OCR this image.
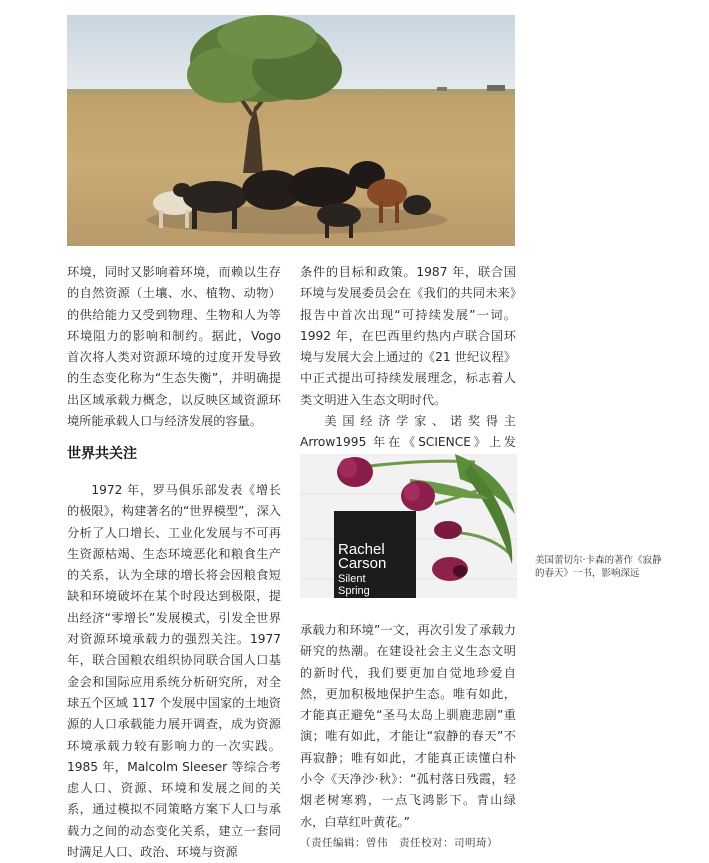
环境，同时又影响着环境，而赖以生存的自然资源（土壤、水、植物、动物）的供给能力又受到物理、生物和人为等环境阻力的影响和制约。据此，Vogo 首次将人类对资源环境的过度开发导致的生态变化称为“生态失衡”，并明确提出区域承载力概念，以反映区域资源环境所能承载人口与经济发展的容量。

世界共关注

1972 年，罗马俱乐部发表《增长的极限》，构建著名的“世界模型”，深入分析了人口增长、工业化发展与不可再生资源枯竭、生态环境恶化和粮食生产的关系，认为全球的增长将会因粮食短缺和环境破坏在某个时段达到极限，提出经济“零增长”发展模式，引发全世界对资源环境承载力的强烈关注。1977 年，联合国粮农组织协同联合国人口基金会和国际应用系统分析研究所，对全球五个区域 117 个发展中国家的土地资源的人口承载能力展开调查，成为资源环境承载力较有影响力的一次实践。1985 年，Malcolm Sleeser 等综合考虑人口、资源、环境和发展之间的关系，通过模拟不同策略方案下人口与承载力之间的动态变化关系，建立一套同时满足人口、政治、环境与资源

条件的目标和政策。1987 年，联合国环境与发展委员会在《我们的共同未来》报告中首次出现“可持续发展”一词。1992 年，在巴西里约热内卢联合国环境与发展大会上通过的《21 世纪议程》中正式提出可持续发展理念，标志着人类文明进入生态文明时代。

美国经济学家、诺奖得主 Arrow1995 年在《SCIENCE》上发

Rachel
Carson
Silent
Spring
美国蕾切尔·卡森的著作《寂静的春天》一书，影响深远

承载力和环境”一文，再次引发了承载力研究的热潮。在建设社会主义生态文明的新时代，我们要更加自觉地珍爱自然，更加积极地保护生态。唯有如此，才能真正避免“圣马太岛上驯鹿悲剧”重演；唯有如此，才能让“寂静的春天”不再寂静；唯有如此，才能真正读懂白朴小令《天净沙·秋》：“孤村落日残霞，轻烟老树寒鸦，一点飞鸿影下。青山绿水，白草红叶黄花。”

（责任编辑：曾伟　责任校对：司明琦）
